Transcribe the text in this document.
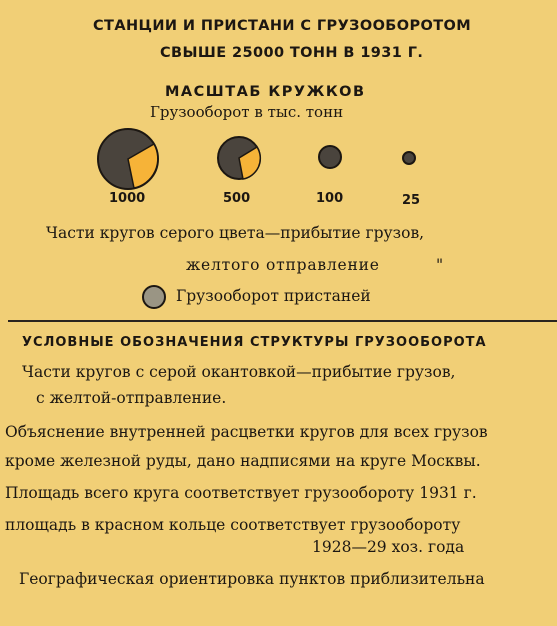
СТАНЦИИ И ПРИСТАНИ С ГРУЗООБОРОТОМ
СВЫШЕ 25000 ТОНН В 1931 Г.
МАСШТАБ КРУЖКОВ
Грузооборот в тыс. тонн
1000	500	100	25
Части кругов серого цвета—прибытие грузов,
желтого отправление	"
Грузооборот пристаней
УСЛОВНЫЕ ОБОЗНАЧЕНИЯ СТРУКТУРЫ ГРУЗООБОРОТА
Части кругов с серой окантовкой—прибытие грузов,
с желтой-отправление.
Объяснение внутренней расцветки кругов для всех грузов
кроме железной руды, дано надписями на круге Москвы.
Площадь всего круга соответствует грузообороту 1931 г.
площадь в красном кольце соответствует грузообороту
1928—29 хоз. года
Географическая ориентировка пунктов приблизительна
